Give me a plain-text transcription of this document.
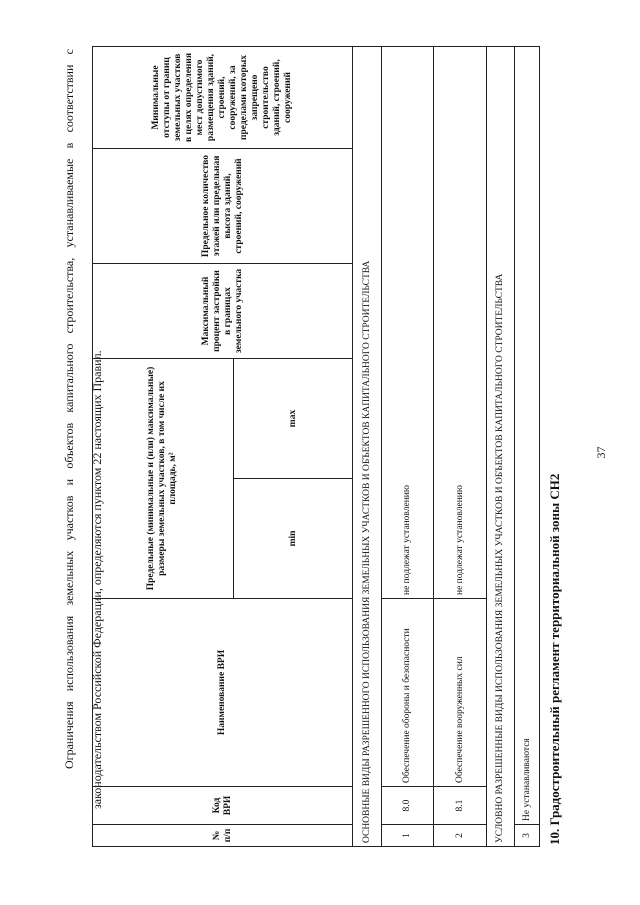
37
10. Градостроительный регламент территориальной зоны СН2
№ п/п	Код ВРИ	Наименование ВРИ	Предельные (минимальные и (или) максимальные) размеры земельных участков, в том числе их площадь, м²		Максимальный процент застройки в границах земельного участка	Предельное количество этажей или предельная высота зданий, строений, сооружений	Минимальные отступы от границ земельных участков в целях определения мест допустимого размещения зданий, строений, сооружений, за пределами которых запрещено строительство зданий, строений, сооружений
			min	max			
ОСНОВНЫЕ ВИДЫ РАЗРЕШЕННОГО ИСПОЛЬЗОВАНИЯ ЗЕМЕЛЬНЫХ УЧАСТКОВ И ОБЪЕКТОВ КАПИТАЛЬНОГО СТРОИТЕЛЬСТВА							
1	8.0	Обеспечение обороны и безопасности	не подлежат установлению				
2	8.1	Обеспечение вооруженных сил	не подлежат установлению				
УСЛОВНО РАЗРЕШЕННЫЕ ВИДЫ ИСПОЛЬЗОВАНИЯ ЗЕМЕЛЬНЫХ УЧАСТКОВ И ОБЪЕКТОВ КАПИТАЛЬНОГО СТРОИТЕЛЬСТВА							
3	Не устанавливаются						

Ограничения использования земельных участков и объектов капитального строительства, устанавливаемые в соответствии с законодательством Российской Федерации, определяются пунктом 22 настоящих Правил.
